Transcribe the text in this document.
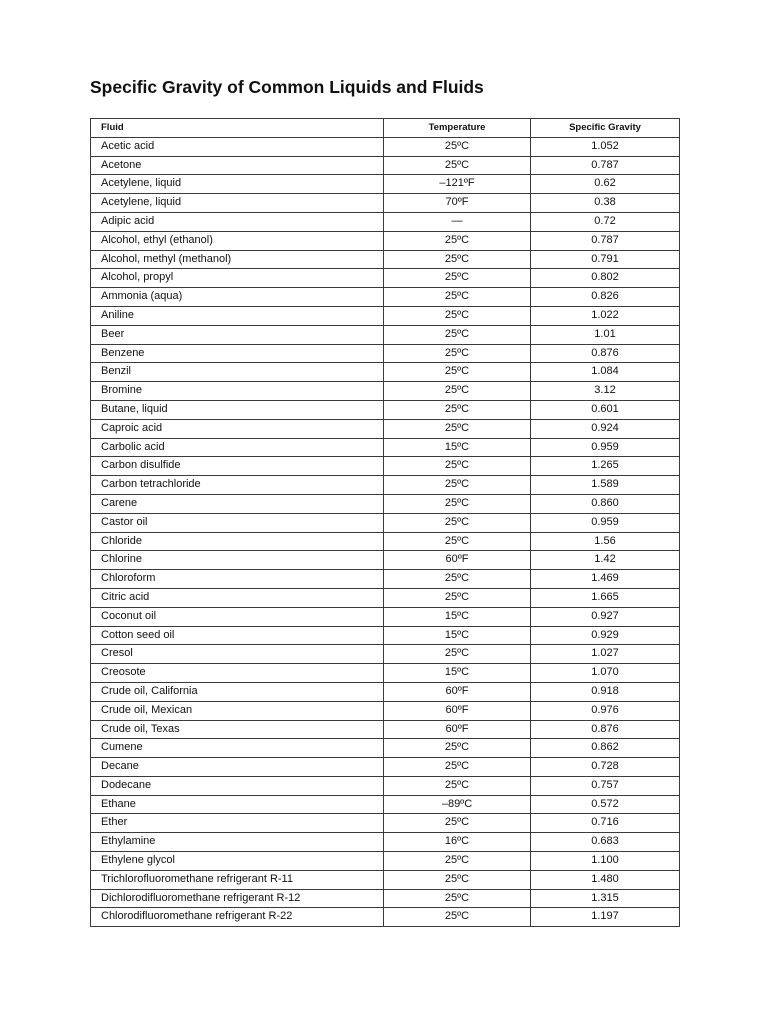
Specific Gravity of Common Liquids and Fluids
Fluid	Temperature	Specific Gravity
Acetic acid	25ºC	1.052
Acetone	25ºC	0.787
Acetylene, liquid	–121ºF	0.62
Acetylene, liquid	70ºF	0.38
Adipic acid	—	0.72
Alcohol, ethyl (ethanol)	25ºC	0.787
Alcohol, methyl (methanol)	25ºC	0.791
Alcohol, propyl	25ºC	0.802
Ammonia (aqua)	25ºC	0.826
Aniline	25ºC	1.022
Beer	25ºC	1.01
Benzene	25ºC	0.876
Benzil	25ºC	1.084
Bromine	25ºC	3.12
Butane, liquid	25ºC	0.601
Caproic acid	25ºC	0.924
Carbolic acid	15ºC	0.959
Carbon disulfide	25ºC	1.265
Carbon tetrachloride	25ºC	1.589
Carene	25ºC	0.860
Castor oil	25ºC	0.959
Chloride	25ºC	1.56
Chlorine	60ºF	1.42
Chloroform	25ºC	1.469
Citric acid	25ºC	1.665
Coconut oil	15ºC	0.927
Cotton seed oil	15ºC	0.929
Cresol	25ºC	1.027
Creosote	15ºC	1.070
Crude oil, California	60ºF	0.918
Crude oil, Mexican	60ºF	0.976
Crude oil, Texas	60ºF	0.876
Cumene	25ºC	0.862
Decane	25ºC	0.728
Dodecane	25ºC	0.757
Ethane	–89ºC	0.572
Ether	25ºC	0.716
Ethylamine	16ºC	0.683
Ethylene glycol	25ºC	1.100
Trichlorofluoromethane refrigerant R-11	25ºC	1.480
Dichlorodifluoromethane refrigerant R-12	25ºC	1.315
Chlorodifluoromethane refrigerant R-22	25ºC	1.197
